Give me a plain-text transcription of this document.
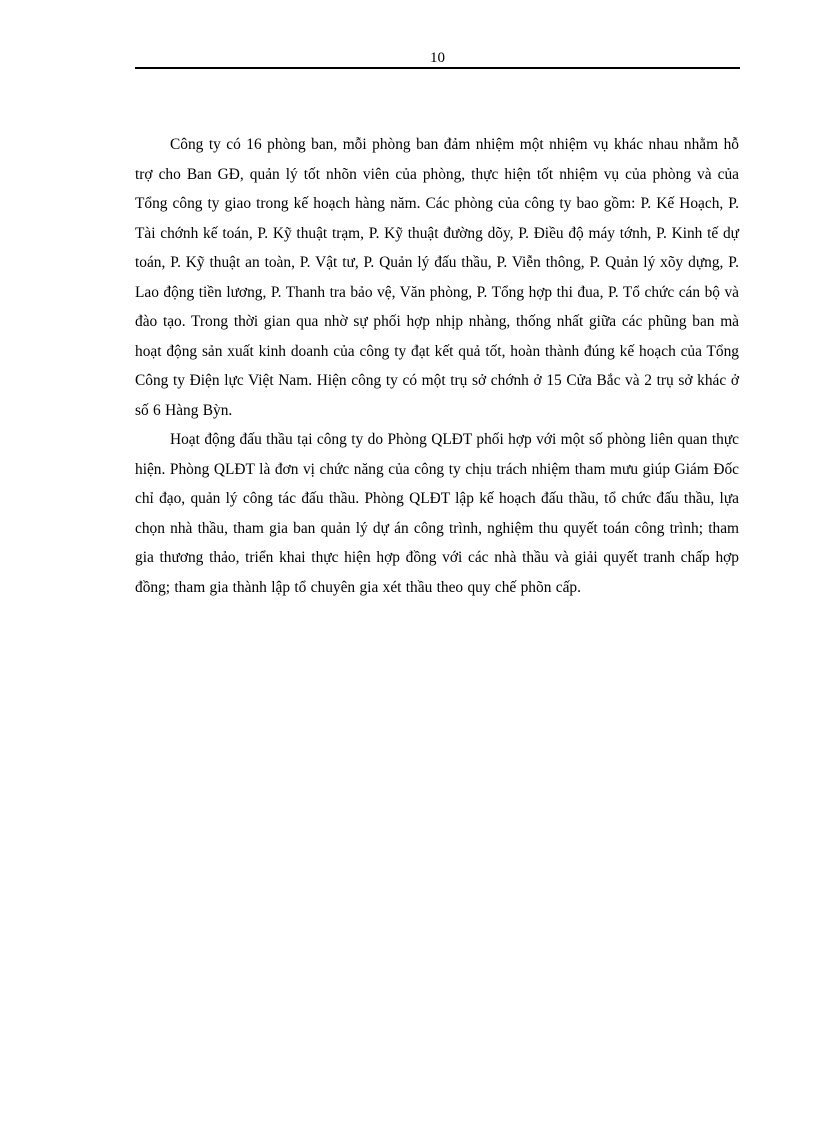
10

Công ty có 16 phòng ban, mỗi phòng ban đảm nhiệm một nhiệm vụ khác nhau nhằm hỗ trợ cho Ban GĐ, quản lý tốt nhõn viên của phòng, thực hiện tốt nhiệm vụ của phòng và của Tổng công ty giao trong kế hoạch hàng năm. Các phòng của công ty bao gồm: P. Kế Hoạch, P. Tài chớnh kế toán, P. Kỹ thuật trạm, P. Kỹ thuật đường dõy, P. Điều độ máy tớnh, P. Kinh tế dự toán, P. Kỹ thuật an toàn, P. Vật tư, P. Quản lý đấu thầu, P. Viễn thông, P. Quản lý xõy dựng, P. Lao động tiền lương, P. Thanh tra bảo vệ, Văn phòng, P. Tổng hợp thi đua, P. Tổ chức cán bộ và đào tạo. Trong thời gian qua nhờ sự phối hợp nhịp nhàng, thống nhất giữa các phũng ban mà hoạt động sản xuất kinh doanh của công ty đạt kết quả tốt, hoàn thành đúng kế hoạch của Tổng Công ty Điện lực Việt Nam. Hiện công ty có một trụ sở chớnh ở 15 Cửa Bắc và 2 trụ sở khác ở số 6 Hàng Bỳn.

Hoạt động đấu thầu tại công ty do Phòng QLĐT phối hợp với một số phòng liên quan thực hiện. Phòng QLĐT là đơn vị chức năng của công ty chịu trách nhiệm tham mưu giúp Giám Đốc chỉ đạo, quản lý công tác đấu thầu. Phòng QLĐT lập kế hoạch đấu thầu, tổ chức đấu thầu, lựa chọn nhà thầu, tham gia ban quản lý dự án công trình, nghiệm thu quyết toán công trình; tham gia thương thảo, triển khai thực hiện hợp đồng với các nhà thầu và giải quyết tranh chấp hợp đồng; tham gia thành lập tổ chuyên gia xét thầu theo quy chế phõn cấp.
